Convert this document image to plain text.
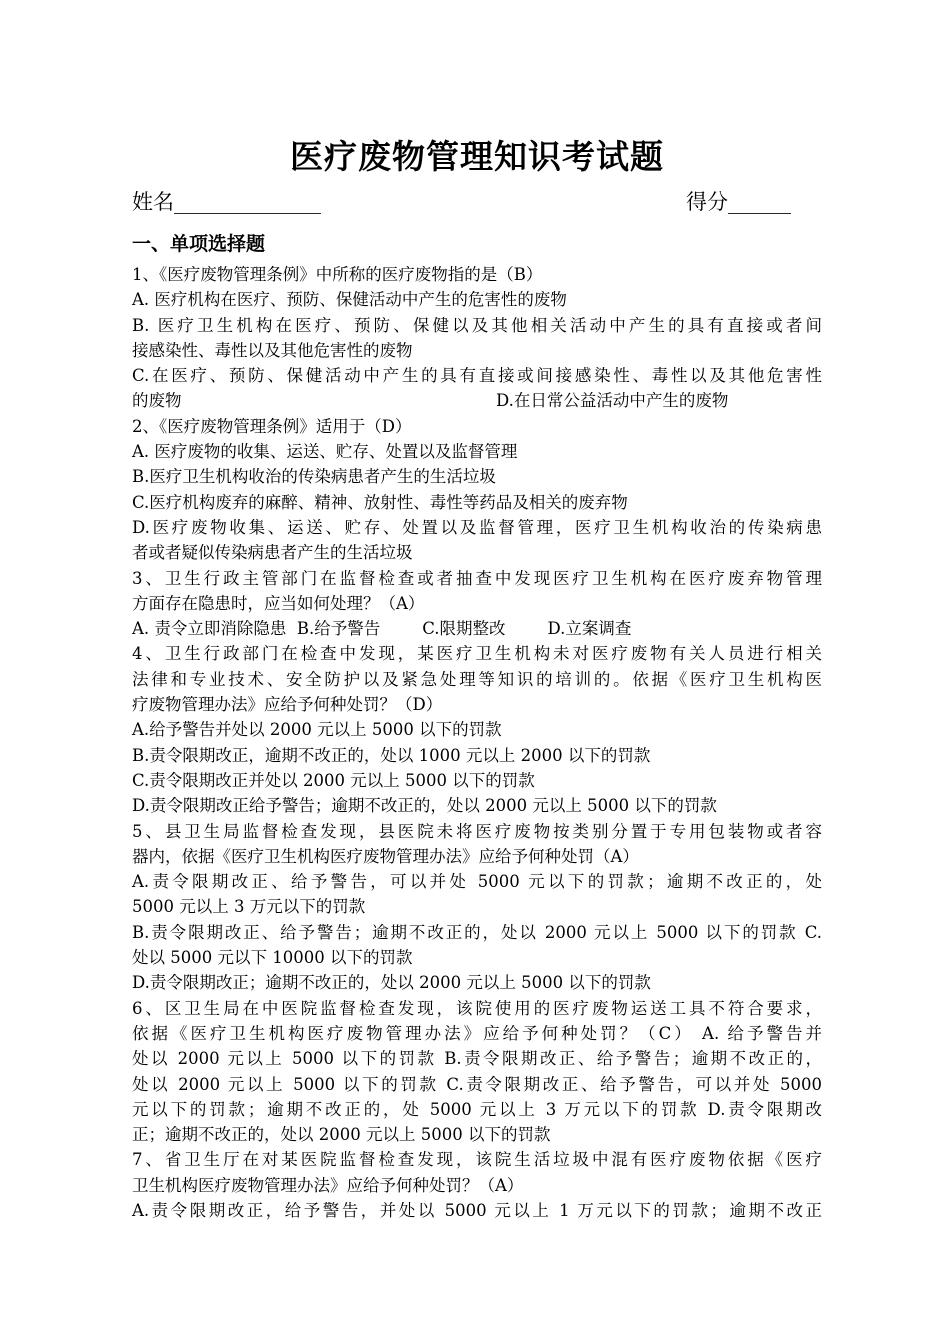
医疗废物管理知识考试题
姓名______________	得分______
一、单项选择题
1、《医疗废物管理条例》中所称的医疗废物指的是（B）
A. 医疗机构在医疗、预防、保健活动中产生的危害性的废物
B. 医疗卫生机构在医疗、预防、保健以及其他相关活动中产生的具有直接或者间
接感染性、毒性以及其他危害性的废物
C.在医疗、预防、保健活动中产生的具有直接或间接感染性、毒性以及其他危害性
的废物	D.在日常公益活动中产生的废物
2、《医疗废物管理条例》适用于（D）
A. 医疗废物的收集、运送、贮存、处置以及监督管理
B.医疗卫生机构收治的传染病患者产生的生活垃圾
C.医疗机构废弃的麻醉、精神、放射性、毒性等药品及相关的废弃物
D.医疗废物收集、运送、贮存、处置以及监督管理，医疗卫生机构收治的传染病患
者或者疑似传染病患者产生的生活垃圾
3、卫生行政主管部门在监督检查或者抽查中发现医疗卫生机构在医疗废弃物管理
方面存在隐患时，应当如何处理？（A）
A. 责令立即消除隐患  B.给予警告        C.限期整改        D.立案调查
4、卫生行政部门在检查中发现，某医疗卫生机构未对医疗废物有关人员进行相关
法律和专业技术、安全防护以及紧急处理等知识的培训的。依据《医疗卫生机构医
疗废物管理办法》应给予何种处罚？（D）
A.给予警告并处以 2000 元以上 5000 以下的罚款
B.责令限期改正，逾期不改正的，处以 1000 元以上 2000 以下的罚款
C.责令限期改正并处以 2000 元以上 5000 以下的罚款
D.责令限期改正给予警告；逾期不改正的，处以 2000 元以上 5000 以下的罚款
5、县卫生局监督检查发现，县医院未将医疗废物按类别分置于专用包装物或者容
器内，依据《医疗卫生机构医疗废物管理办法》应给予何种处罚（A）
A.责令限期改正、给予警告，可以并处 5000 元以下的罚款；逾期不改正的，处
5000 元以上 3 万元以下的罚款
B.责令限期改正、给予警告；逾期不改正的，处以 2000 元以上 5000 以下的罚款 C.
处以 5000 元以下 10000 以下的罚款
D.责令限期改正；逾期不改正的，处以 2000 元以上 5000 以下的罚款
6、区卫生局在中医院监督检查发现，该院使用的医疗废物运送工具不符合要求，
依据《医疗卫生机构医疗废物管理办法》应给予何种处罚？（C） A. 给予警告并
处以 2000 元以上 5000 以下的罚款 B.责令限期改正、给予警告；逾期不改正的，
处以 2000 元以上 5000 以下的罚款 C.责令限期改正、给予警告，可以并处 5000
元以下的罚款；逾期不改正的，处 5000 元以上 3 万元以下的罚款 D.责令限期改
正；逾期不改正的，处以 2000 元以上 5000 以下的罚款
7、省卫生厅在对某医院监督检查发现，该院生活垃圾中混有医疗废物依据《医疗
卫生机构医疗废物管理办法》应给予何种处罚？（A）
A.责令限期改正，给予警告，并处以 5000 元以上 1 万元以下的罚款；逾期不改正
